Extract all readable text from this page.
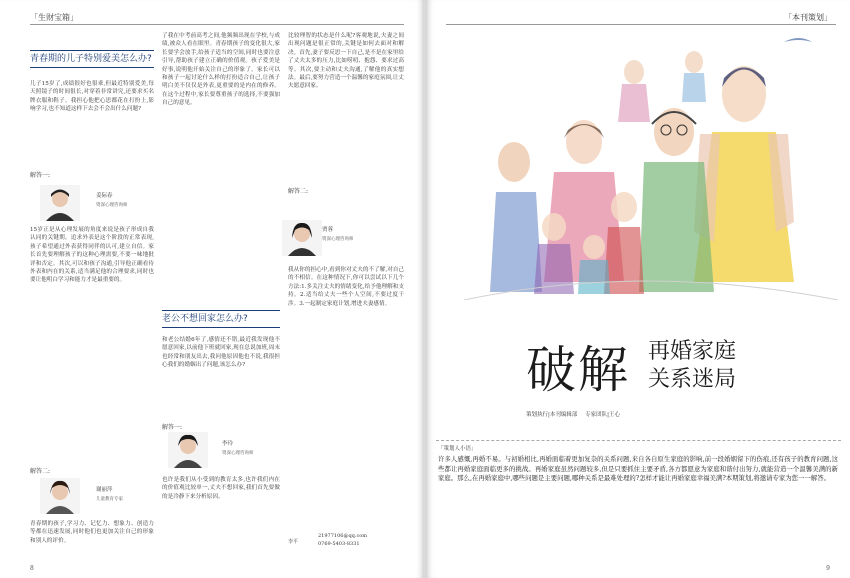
「生财宝箱」
青春期的儿子特别爱美怎么办?
儿子15岁了,成绩很好也很乖,但最近特别爱美,每天照镜子的时间很长,对穿着非常讲究,还要求买名牌衣服和鞋子。我担心他把心思都花在打扮上,影响学习,也不知道这样下去会不会出什么问题?
解答一:
姜际春
资深心理咨询师
15岁正是从心理发展的角度来说是孩子形成自我认同的关键期。追求外表是这个阶段的正常表现,孩子希望通过外表获得同伴的认可,建立自信。家长首先要理解孩子的这种心理需要,不要一味地批评和否定。其次,可以和孩子沟通,引导他正确看待外表和内在的关系,适当满足他的合理要求,同时也要让他明白学习和能力才是最重要的。
解答二:
谢丽萍
儿童教育专家
青春期的孩子,学习力、记忆力、想象力、创造力等都在迅速发展,同时他们也更加关注自己的形象和别人的评价。
了我在中考前高考之间,他频频出现在学校,与成绩,被众人看在眼里。青春期孩子的变化很大,家长要学会放手,给孩子适当的空间,同时也要注意引导,帮助孩子建立正确的价值观。孩子爱美是好事,说明他开始关注自己的形象了。家长可以和孩子一起讨论什么样的打扮适合自己,让孩子明白美不仅仅是外表,更重要的是内在的修养。在这个过程中,家长要尊重孩子的选择,不要强加自己的意见。
老公不想回家怎么办?
和老公结婚6年了,感情还不错,最近我发现他不愿意回家,以前他下班就回家,现在总说加班,周末也经常和朋友出去,我问他原因他也不说,我很担心我们的婚姻出了问题,该怎么办?
解答一:
李玲
资深心理咨询师
也许是我们从小受到的教育太多,也许我们内在的价值观比较单一,丈夫不想回家,我们首先要做的是冷静下来分析原因。
比较理智的状态是什么呢?客观地说,夫妻之间出现问题是很正常的,关键是如何去面对和解决。首先,妻子要反思一下自己,是不是在家里给了丈夫太多的压力,比如唠叨、抱怨、要求过高等。其次,要主动和丈夫沟通,了解他的真实想法。最后,要努力营造一个温馨的家庭氛围,让丈夫愿意回家。
解答二:
贾蓉
资深心理咨询师
我从你的担心中,看到你对丈夫的不了解,对自己的不相信。在这种情况下,你可以尝试以下几个方法:1.多关注丈夫的情绪变化,给予他理解和支持。2.适当给丈夫一些个人空间,不要过度干涉。3.一起制定家庭计划,增进夫妻感情。
李平
21977106@qq.com
0769-5403-8331
8
「本刊策划」
破解 再婚家庭
关系迷局
策划执行|本刊编辑部 专家团队|王心
「策划人小语」
许多人感慨,再婚不易。与初婚相比,再婚面临着更加复杂的关系问题,来自各自原生家庭的影响,前一段婚姻留下的伤痕,还有孩子的教育问题,这些都让再婚家庭面临更多的挑战。再婚家庭虽然问题较多,但是只要抓住主要矛盾,各方都愿意为家庭和谐付出努力,就能营造一个温馨美满的新家庭。那么,在再婚家庭中,哪些问题是主要问题,哪种关系是最难处理的?怎样才能让再婚家庭幸福美满?本期策划,将邀请专家为您一一解答。
9
